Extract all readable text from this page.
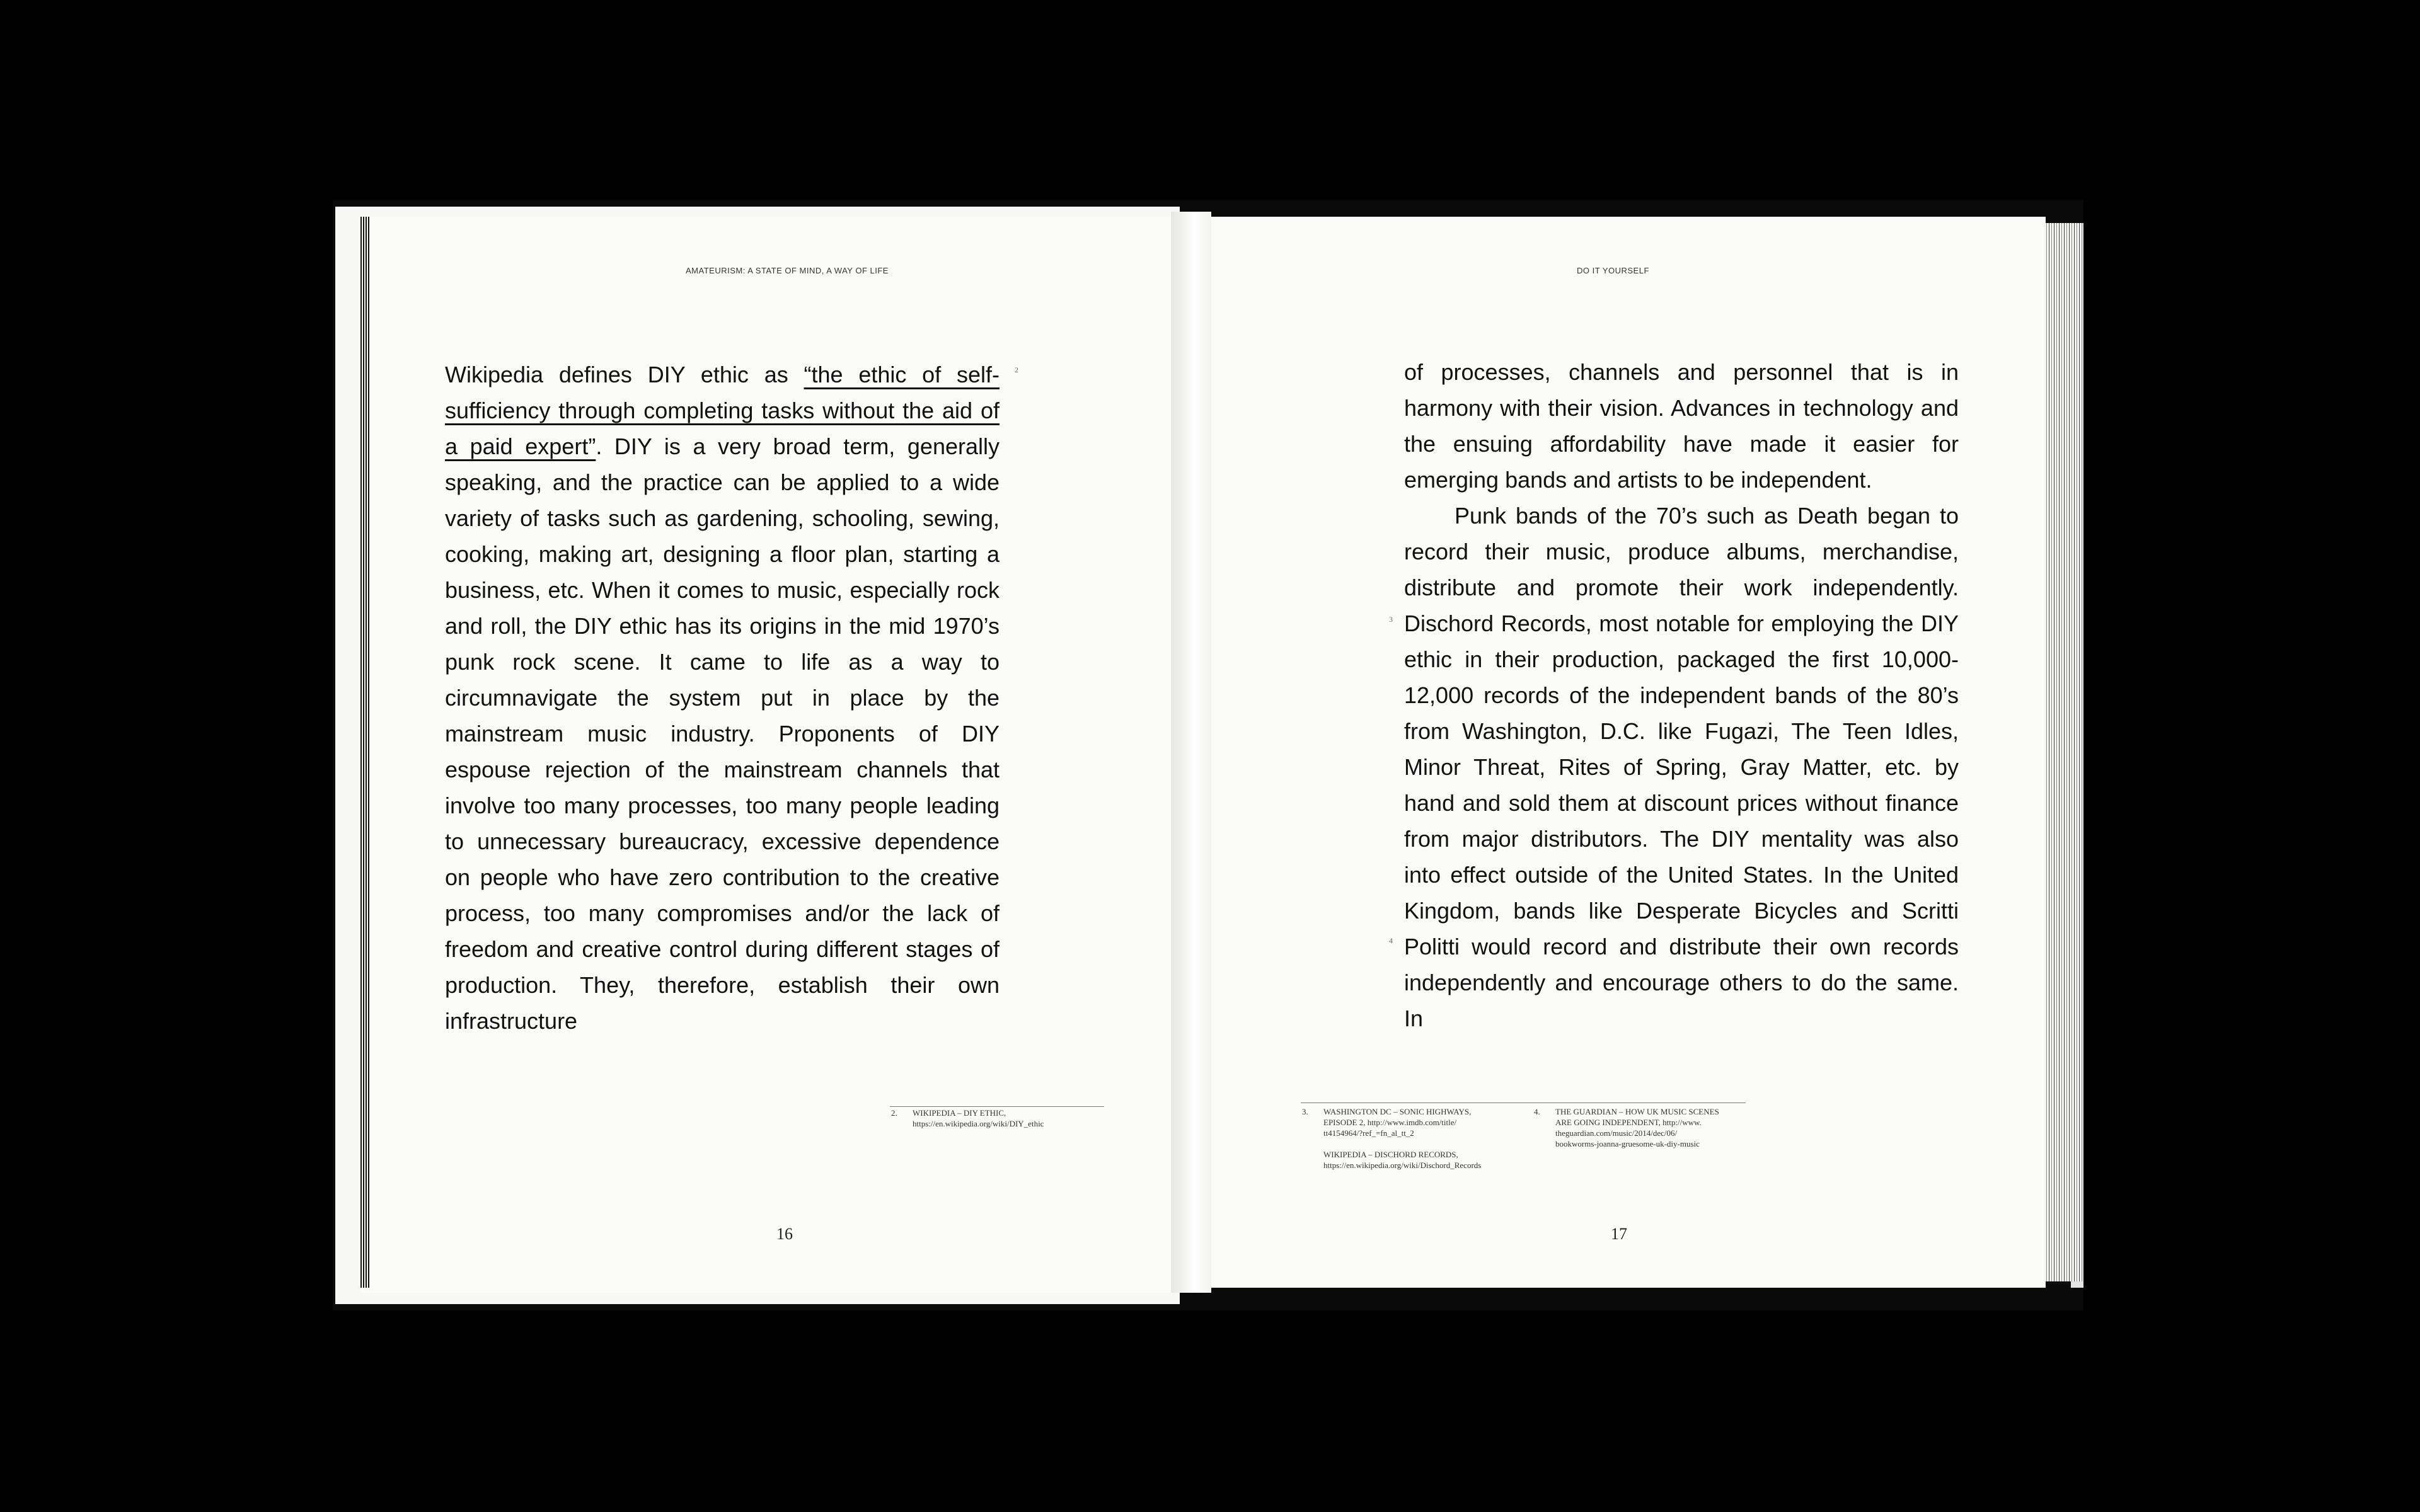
AMATEURISM: A STATE OF MIND, A WAY OF LIFE

Wikipedia defines DIY ethic as “the ethic of self-sufficiency through completing tasks without the aid of a paid expert”. DIY is a very broad term, generally speaking, and the practice can be applied to a wide variety of tasks such as gardening, schooling, sewing, cooking, making art, designing a floor plan, starting a business, etc. When it comes to music, especially rock and roll, the DIY ethic has its origins in the mid 1970’s punk rock scene. It came to life as a way to circumnavigate the system put in place by the mainstream music industry. Proponents of DIY espouse rejection of the mainstream channels that involve too many processes, too many people leading to unnecessary bureaucracy, excessive dependence on people who have zero contribution to the creative process, too many compromises and/or the lack of freedom and creative control during different stages of production. They, therefore, establish their own infrastructure

2
2. WIKIPEDIA – DIY ETHIC,
https://en.wikipedia.org/wiki/DIY_ethic
16
DO IT YOURSELF
of processes, channels and personnel that is in harmony with their vision. Advances in technology and the ensuing affordability have made it easier for emerging bands and artists to be independent.
Punk bands of the 70’s such as Death began to record their music, produce albums, merchandise, distribute and promote their work independently. Dischord Records, most notable for employing the DIY ethic in their production, packaged the first 10,000-12,000 records of the independent bands of the 80’s from Washington, D.C. like Fugazi, The Teen Idles, Minor Threat, Rites of Spring, Gray Matter, etc. by hand and sold them at discount prices without finance from major distributors. The DIY mentality was also into effect outside of the United States. In the United Kingdom, bands like Desperate Bicycles and Scritti Politti would record and distribute their own records independently and encourage others to do the same. In
3
4
3. WASHINGTON DC – SONIC HIGHWAYS,
EPISODE 2, http://www.imdb.com/title/
tt4154964/?ref_=fn_al_tt_2

WIKIPEDIA – DISCHORD RECORDS,
https://en.wikipedia.org/wiki/Dischord_Records
4. THE GUARDIAN – HOW UK MUSIC SCENES
ARE GOING INDEPENDENT, http://www.
theguardian.com/music/2014/dec/06/
bookworms-joanna-gruesome-uk-diy-music
17
